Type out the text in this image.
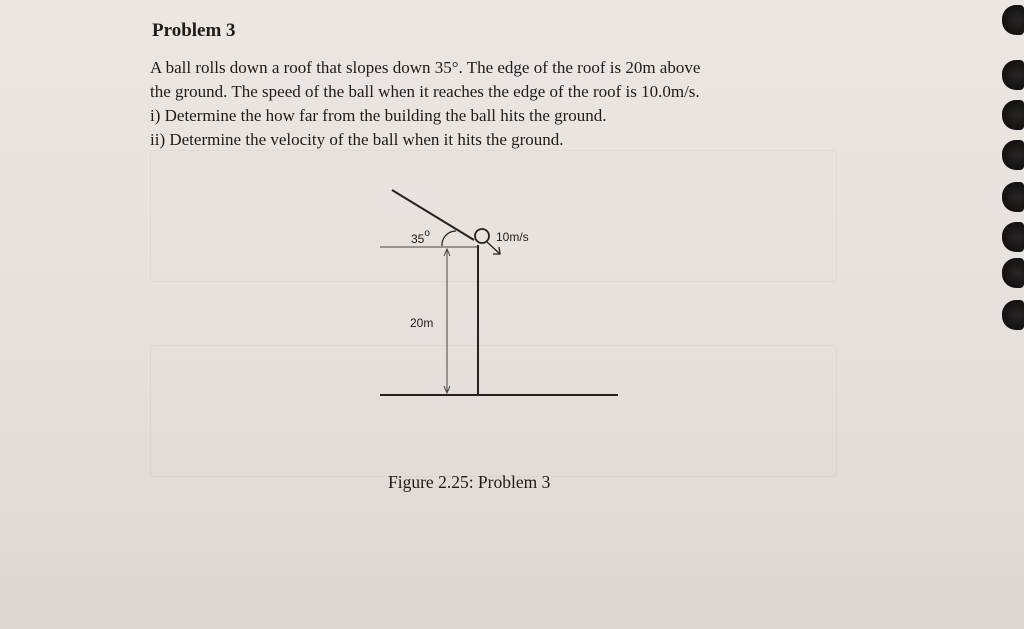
Problem 3
A ball rolls down a roof that slopes down 35°. The edge of the roof is 20m above
the ground. The speed of the ball when it reaches the edge of the roof is 10.0m/s.
i) Determine the how far from the building the ball hits the ground.
ii) Determine the velocity of the ball when it hits the ground.
35$^o$	10m/s
20m
Figure 2.25: Problem 3
